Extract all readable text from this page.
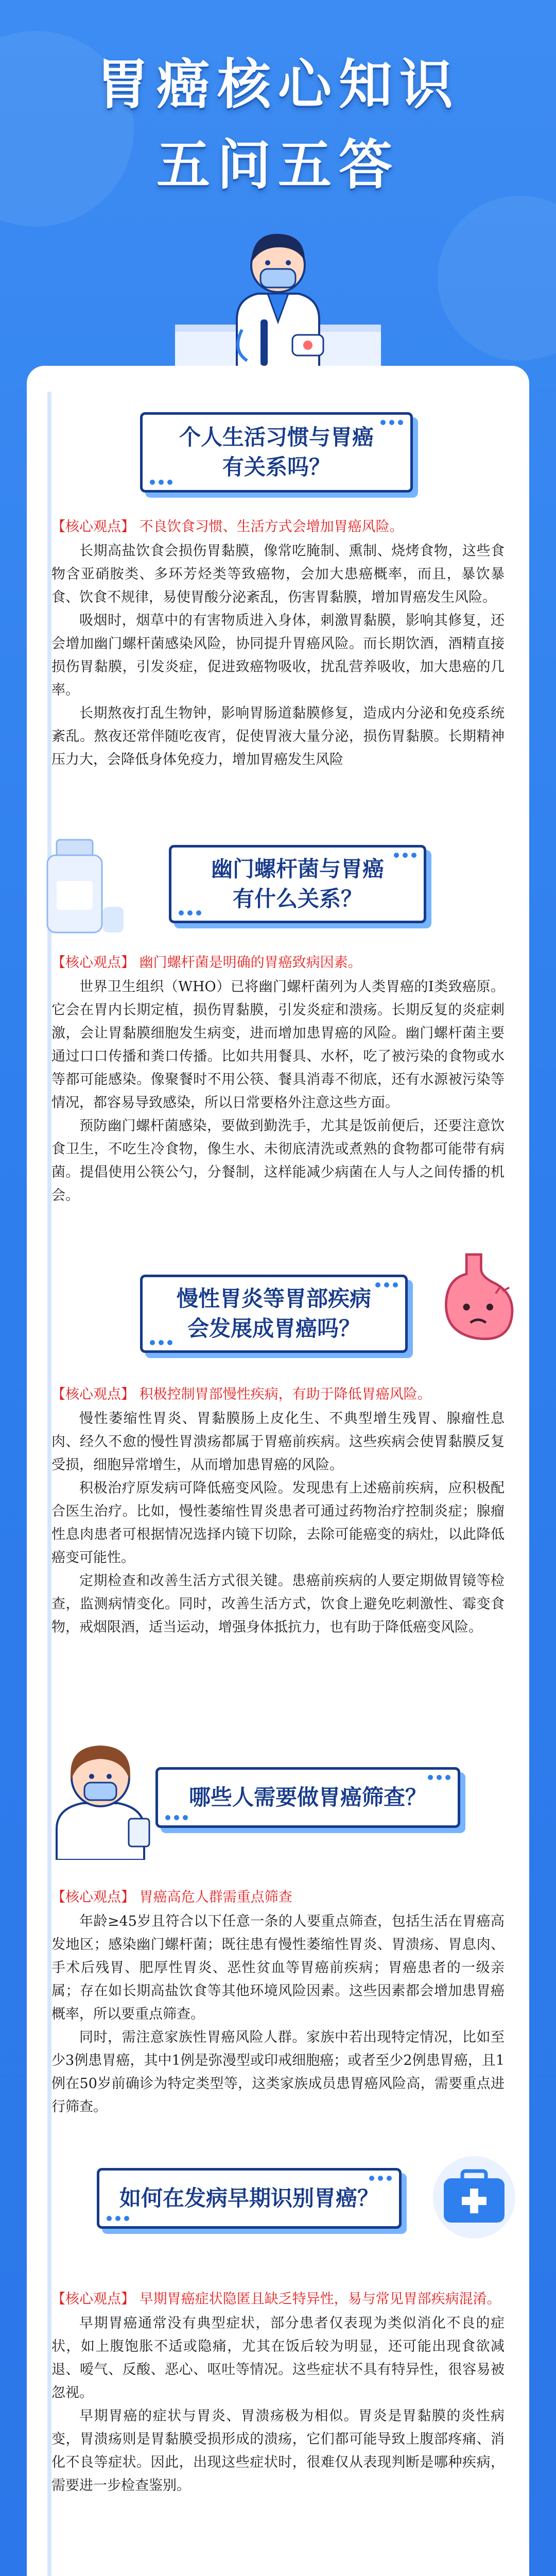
胃癌核心知识
五问五答
个人生活习惯与胃癌
有关系吗？
【核心观点】 不良饮食习惯、生活方式会增加胃癌风险。

长期高盐饮食会损伤胃黏膜，像常吃腌制、熏制、烧烤食物，这些食物含亚硝胺类、多环芳烃类等致癌物，会加大患癌概率，而且，暴饮暴食、饮食不规律，易使胃酸分泌紊乱，伤害胃黏膜，增加胃癌发生风险。

吸烟时，烟草中的有害物质进入身体，刺激胃黏膜，影响其修复，还会增加幽门螺杆菌感染风险，协同提升胃癌风险。而长期饮酒，酒精直接损伤胃黏膜，引发炎症，促进致癌物吸收，扰乱营养吸收，加大患癌的几率。

长期熬夜打乱生物钟，影响胃肠道黏膜修复，造成内分泌和免疫系统紊乱。熬夜还常伴随吃夜宵，促使胃液大量分泌，损伤胃黏膜。长期精神压力大，会降低身体免疫力，增加胃癌发生风险

幽门螺杆菌与胃癌
有什么关系？
【核心观点】 幽门螺杆菌是明确的胃癌致病因素。

世界卫生组织（WHO）已将幽门螺杆菌列为人类胃癌的Ⅰ类致癌原。它会在胃内长期定植，损伤胃黏膜，引发炎症和溃疡。长期反复的炎症刺激，会让胃黏膜细胞发生病变，进而增加患胃癌的风险。幽门螺杆菌主要通过口口传播和粪口传播。比如共用餐具、水杯，吃了被污染的食物或水等都可能感染。像聚餐时不用公筷、餐具消毒不彻底，还有水源被污染等情况，都容易导致感染，所以日常要格外注意这些方面。

预防幽门螺杆菌感染，要做到勤洗手，尤其是饭前便后，还要注意饮食卫生，不吃生冷食物，像生水、未彻底清洗或煮熟的食物都可能带有病菌。提倡使用公筷公勺，分餐制，这样能减少病菌在人与人之间传播的机会。

慢性胃炎等胃部疾病
会发展成胃癌吗？
【核心观点】 积极控制胃部慢性疾病，有助于降低胃癌风险。

慢性萎缩性胃炎、胃黏膜肠上皮化生、不典型增生残胃、腺瘤性息肉、经久不愈的慢性胃溃疡都属于胃癌前疾病。这些疾病会使胃黏膜反复受损，细胞异常增生，从而增加患胃癌的风险。

积极治疗原发病可降低癌变风险。发现患有上述癌前疾病，应积极配合医生治疗。比如，慢性萎缩性胃炎患者可通过药物治疗控制炎症；腺瘤性息肉患者可根据情况选择内镜下切除，去除可能癌变的病灶，以此降低癌变可能性。

定期检查和改善生活方式很关键。患癌前疾病的人要定期做胃镜等检查，监测病情变化。同时，改善生活方式，饮食上避免吃刺激性、霉变食物，戒烟限酒，适当运动，增强身体抵抗力，也有助于降低癌变风险。

哪些人需要做胃癌筛查？
【核心观点】 胃癌高危人群需重点筛查

年龄≥45岁且符合以下任意一条的人要重点筛查，包括生活在胃癌高发地区；感染幽门螺杆菌；既往患有慢性萎缩性胃炎、胃溃疡、胃息肉、手术后残胃、肥厚性胃炎、恶性贫血等胃癌前疾病；胃癌患者的一级亲属；存在如长期高盐饮食等其他环境风险因素。这些因素都会增加患胃癌概率，所以要重点筛查。

同时，需注意家族性胃癌风险人群。家族中若出现特定情况，比如至少3例患胃癌，其中1例是弥漫型或印戒细胞癌；或者至少2例患胃癌，且1例在50岁前确诊为特定类型等，这类家族成员患胃癌风险高，需要重点进行筛查。

如何在发病早期识别胃癌？
【核心观点】 早期胃癌症状隐匿且缺乏特异性，易与常见胃部疾病混淆。

早期胃癌通常没有典型症状，部分患者仅表现为类似消化不良的症状，如上腹饱胀不适或隐痛，尤其在饭后较为明显，还可能出现食欲减退、嗳气、反酸、恶心、呕吐等情况。这些症状不具有特异性，很容易被忽视。

早期胃癌的症状与胃炎、胃溃疡极为相似。胃炎是胃黏膜的炎性病变，胃溃疡则是胃黏膜受损形成的溃疡，它们都可能导致上腹部疼痛、消化不良等症状。因此，出现这些症状时，很难仅从表现判断是哪种疾病，需要进一步检查鉴别。
